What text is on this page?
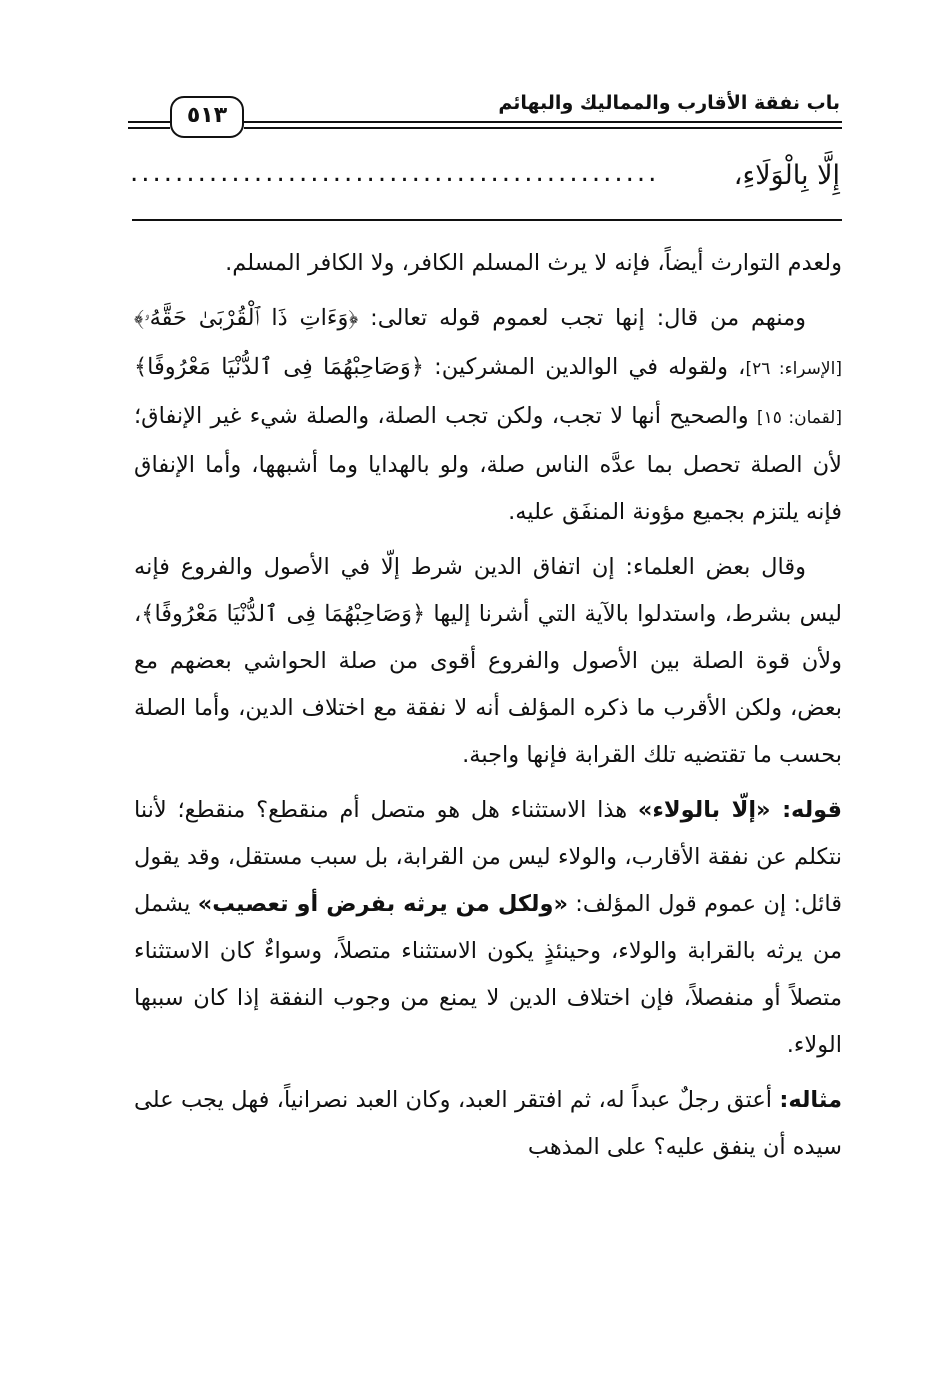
باب نفقة الأقارب والمماليك والبهائم
٥١٣
إِلَّا بِالْوَلَاءِ،
...............................................

ولعدم التوارث أيضاً، فإنه لا يرث المسلم الكافر، ولا الكافر المسلم.

ومنهم من قال: إنها تجب لعموم قوله تعالى: ﴿وَءَاتِ ذَا ٱلْقُرْبَىٰ حَقَّهُۥ﴾ [الإسراء: ٢٦]، ولقوله في الوالدين المشركين: ﴿وَصَاحِبْهُمَا فِى ٱلدُّنْيَا مَعْرُوفًا﴾ [لقمان: ١٥] والصحيح أنها لا تجب، ولكن تجب الصلة، والصلة شيء غير الإنفاق؛ لأن الصلة تحصل بما عدَّه الناس صلة، ولو بالهدايا وما أشبهها، وأما الإنفاق فإنه يلتزم بجميع مؤونة المنفَق عليه.

وقال بعض العلماء: إن اتفاق الدين شرط إلّا في الأصول والفروع فإنه ليس بشرط، واستدلوا بالآية التي أشرنا إليها ﴿وَصَاحِبْهُمَا فِى ٱلدُّنْيَا مَعْرُوفًا﴾، ولأن قوة الصلة بين الأصول والفروع أقوى من صلة الحواشي بعضهم مع بعض، ولكن الأقرب ما ذكره المؤلف أنه لا نفقة مع اختلاف الدين، وأما الصلة بحسب ما تقتضيه تلك القرابة فإنها واجبة.

قوله: «إلّا بالولاء» هذا الاستثناء هل هو متصل أم منقطع؟ منقطع؛ لأننا نتكلم عن نفقة الأقارب، والولاء ليس من القرابة، بل سبب مستقل، وقد يقول قائل: إن عموم قول المؤلف: «ولكل من يرثه بفرض أو تعصيب» يشمل من يرثه بالقرابة والولاء، وحينئذٍ يكون الاستثناء متصلاً، وسواءٌ كان الاستثناء متصلاً أو منفصلاً، فإن اختلاف الدين لا يمنع من وجوب النفقة إذا كان سببها الولاء.

مثاله: أعتق رجلٌ عبداً له، ثم افتقر العبد، وكان العبد نصرانياً، فهل يجب على سيده أن ينفق عليه؟ على المذهب
